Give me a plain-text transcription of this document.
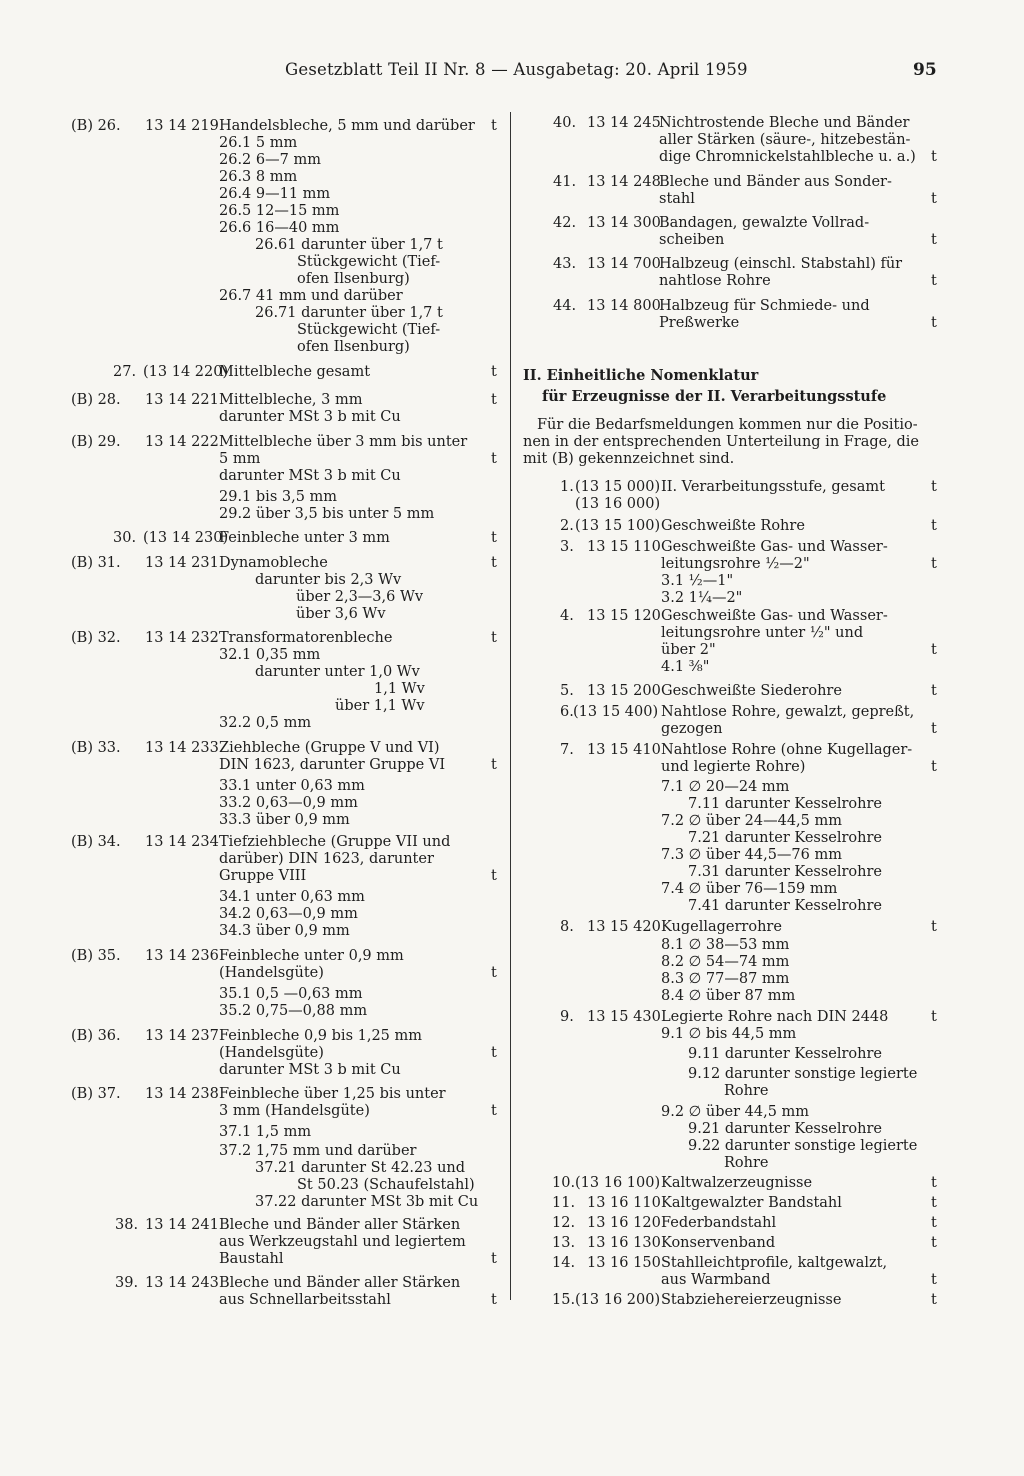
Gesetzblatt Teil II Nr. 8 — Ausgabetag: 20. April 1959	95
(B) 26. 13 14 219 Handelsbleche, 5 mm und darüber t
26.1 5 mm
26.2 6—7 mm
26.3 8 mm
26.4 9—11 mm
26.5 12—15 mm
26.6 16—40 mm
26.61 darunter über 1,7 t
Stückgewicht (Tief-
ofen Ilsenburg)
26.7 41 mm und darüber
26.71 darunter über 1,7 t
Stückgewicht (Tief-
ofen Ilsenburg)
27. (13 14 220)
Mittelbleche gesamt	t
(B) 28. 13 14 221 Mittelbleche, 3 mm	t
darunter MSt 3 b mit Cu
(B) 29. 13 14 222 Mittelbleche über 3 mm bis unter
5 mm	t
darunter MSt 3 b mit Cu
29.1 bis 3,5 mm
29.2 über 3,5 bis unter 5 mm
30. (13 14 230)
Feinbleche unter 3 mm	t
(B) 31. 13 14 231 Dynamobleche	t
darunter bis 2,3 Wv
über 2,3—3,6 Wv
über 3,6 Wv
(B) 32. 13 14 232 Transformatorenbleche	t
32.1 0,35 mm
darunter unter 1,0 Wv
1,1 Wv
über 1,1 Wv
32.2 0,5 mm
(B) 33. 13 14 233 Ziehbleche (Gruppe V und VI)
DIN 1623, darunter Gruppe VI	t
33.1 unter 0,63 mm
33.2 0,63—0,9 mm
33.3 über 0,9 mm
(B) 34. 13 14 234 Tiefziehbleche (Gruppe VII und
darüber) DIN 1623, darunter
Gruppe VIII	t
34.1 unter 0,63 mm
34.2 0,63—0,9 mm
34.3 über 0,9 mm
(B) 35. 13 14 236 Feinbleche unter 0,9 mm
(Handelsgüte)	t
35.1 0,5 —0,63 mm
35.2 0,75—0,88 mm
(B) 36. 13 14 237 Feinbleche 0,9 bis 1,25 mm
(Handelsgüte)	t
darunter MSt 3 b mit Cu
(B) 37. 13 14 238 Feinbleche über 1,25 bis unter
3 mm (Handelsgüte)	t
37.1 1,5 mm
37.2 1,75 mm und darüber
37.21 darunter St 42.23 und
St 50.23 (Schaufelstahl)
37.22 darunter MSt 3b mit Cu
38. 13 14 241 Bleche und Bänder aller Stärken
aus Werkzeugstahl und legiertem
Baustahl	t
39. 13 14 243 Bleche und Bänder aller Stärken
aus Schnellarbeitsstahl	t
40. 13 14 245
Nichtrostende Bleche und Bänder
aller Stärken (säure-, hitzebestän-
dige Chromnickelstahlbleche u. a.) t
41. 13 14 248
Bleche und Bänder aus Sonder-
stahl	t
42. 13 14 300
Bandagen, gewalzte Vollrad-
scheiben	t
43. 13 14 700
Halbzeug (einschl. Stabstahl) für
nahtlose Rohre	t
44. 13 14 800
Halbzeug für Schmiede- und
Preßwerke	t
II. Einheitliche Nomenklatur
für Erzeugnisse der II. Verarbeitungsstufe
Für die Bedarfsmeldungen kommen nur die Positio-
nen in der entsprechenden Unterteilung in Frage, die
mit (B) gekennzeichnet sind.
1. (13 15 000) II. Verarbeitungsstufe, gesamt	t
(13 16 000)
2. (13 15 100) Geschweißte Rohre	t
3. 13 15 110 Geschweißte Gas- und Wasser-
leitungsrohre ½—2"	t
3.1 ½—1"
3.2 1¼—2"
4. 13 15 120 Geschweißte Gas- und Wasser-
leitungsrohre unter ½" und
über 2"	t
4.1 ⅜"
5. 13 15 200 Geschweißte Siederohre	t
6. (13 15 400) Nahtlose Rohre, gewalzt, gepreßt,
gezogen	t
7. 13 15 410 Nahtlose Rohre (ohne Kugellager-
und legierte Rohre)	t
7.1 ∅ 20—24 mm
7.11 darunter Kesselrohre
7.2 ∅ über 24—44,5 mm
7.21 darunter Kesselrohre
7.3 ∅ über 44,5—76 mm
7.31 darunter Kesselrohre
7.4 ∅ über 76—159 mm
7.41 darunter Kesselrohre
8. 13 15 420 Kugellagerrohre	t
8.1 ∅ 38—53 mm
8.2 ∅ 54—74 mm
8.3 ∅ 77—87 mm
8.4 ∅ über 87 mm
9. 13 15 430 Legierte Rohre nach DIN 2448	t
9.1 ∅ bis 44,5 mm
9.11 darunter Kesselrohre
9.12 darunter sonstige legierte
Rohre
9.2 ∅ über 44,5 mm
9.21 darunter Kesselrohre
9.22 darunter sonstige legierte
Rohre
10. (13 16 100) Kaltwalzerzeugnisse	t
11. 13 16 110 Kaltgewalzter Bandstahl	t
12. 13 16 120 Federbandstahl	t
13. 13 16 130 Konservenband	t
14. 13 16 150 Stahlleichtprofile, kaltgewalzt,
aus Warmband	t
15. (13 16 200) Stabziehereierzeugnisse	t
